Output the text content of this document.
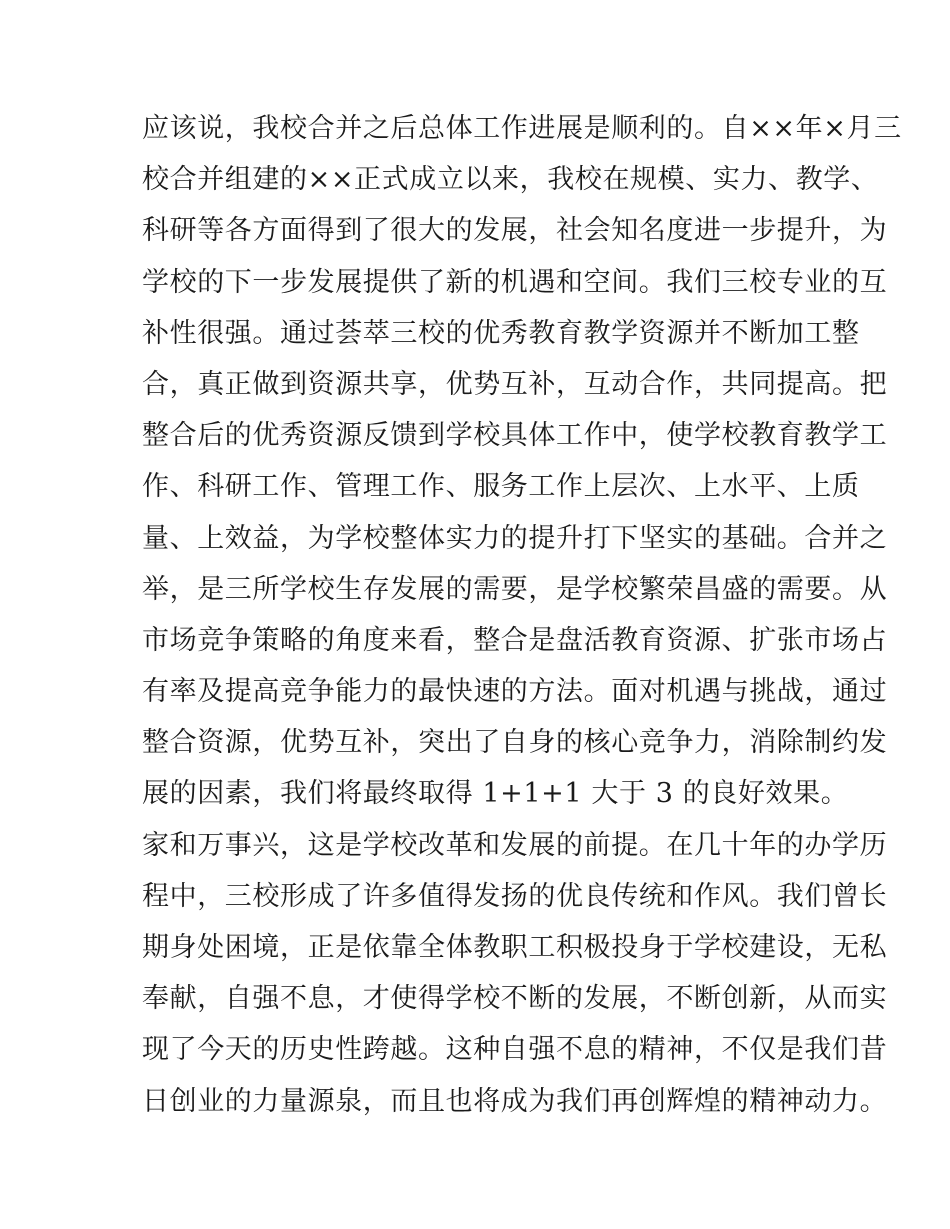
应该说，我校合并之后总体工作进展是顺利的。自××年×月三
校合并组建的××正式成立以来，我校在规模、实力、教学、
科研等各方面得到了很大的发展，社会知名度进一步提升，为
学校的下一步发展提供了新的机遇和空间。我们三校专业的互
补性很强。通过荟萃三校的优秀教育教学资源并不断加工整
合，真正做到资源共享，优势互补，互动合作，共同提高。把
整合后的优秀资源反馈到学校具体工作中，使学校教育教学工
作、科研工作、管理工作、服务工作上层次、上水平、上质
量、上效益，为学校整体实力的提升打下坚实的基础。合并之
举，是三所学校生存发展的需要，是学校繁荣昌盛的需要。从
市场竞争策略的角度来看，整合是盘活教育资源、扩张市场占
有率及提高竞争能力的最快速的方法。面对机遇与挑战，通过
整合资源，优势互补，突出了自身的核心竞争力，消除制约发
展的因素，我们将最终取得 1+1+1 大于 3 的良好效果。
家和万事兴，这是学校改革和发展的前提。在几十年的办学历
程中，三校形成了许多值得发扬的优良传统和作风。我们曾长
期身处困境，正是依靠全体教职工积极投身于学校建设，无私
奉献，自强不息，才使得学校不断的发展，不断创新，从而实
现了今天的历史性跨越。这种自强不息的精神，不仅是我们昔
日创业的力量源泉，而且也将成为我们再创辉煌的精神动力。
